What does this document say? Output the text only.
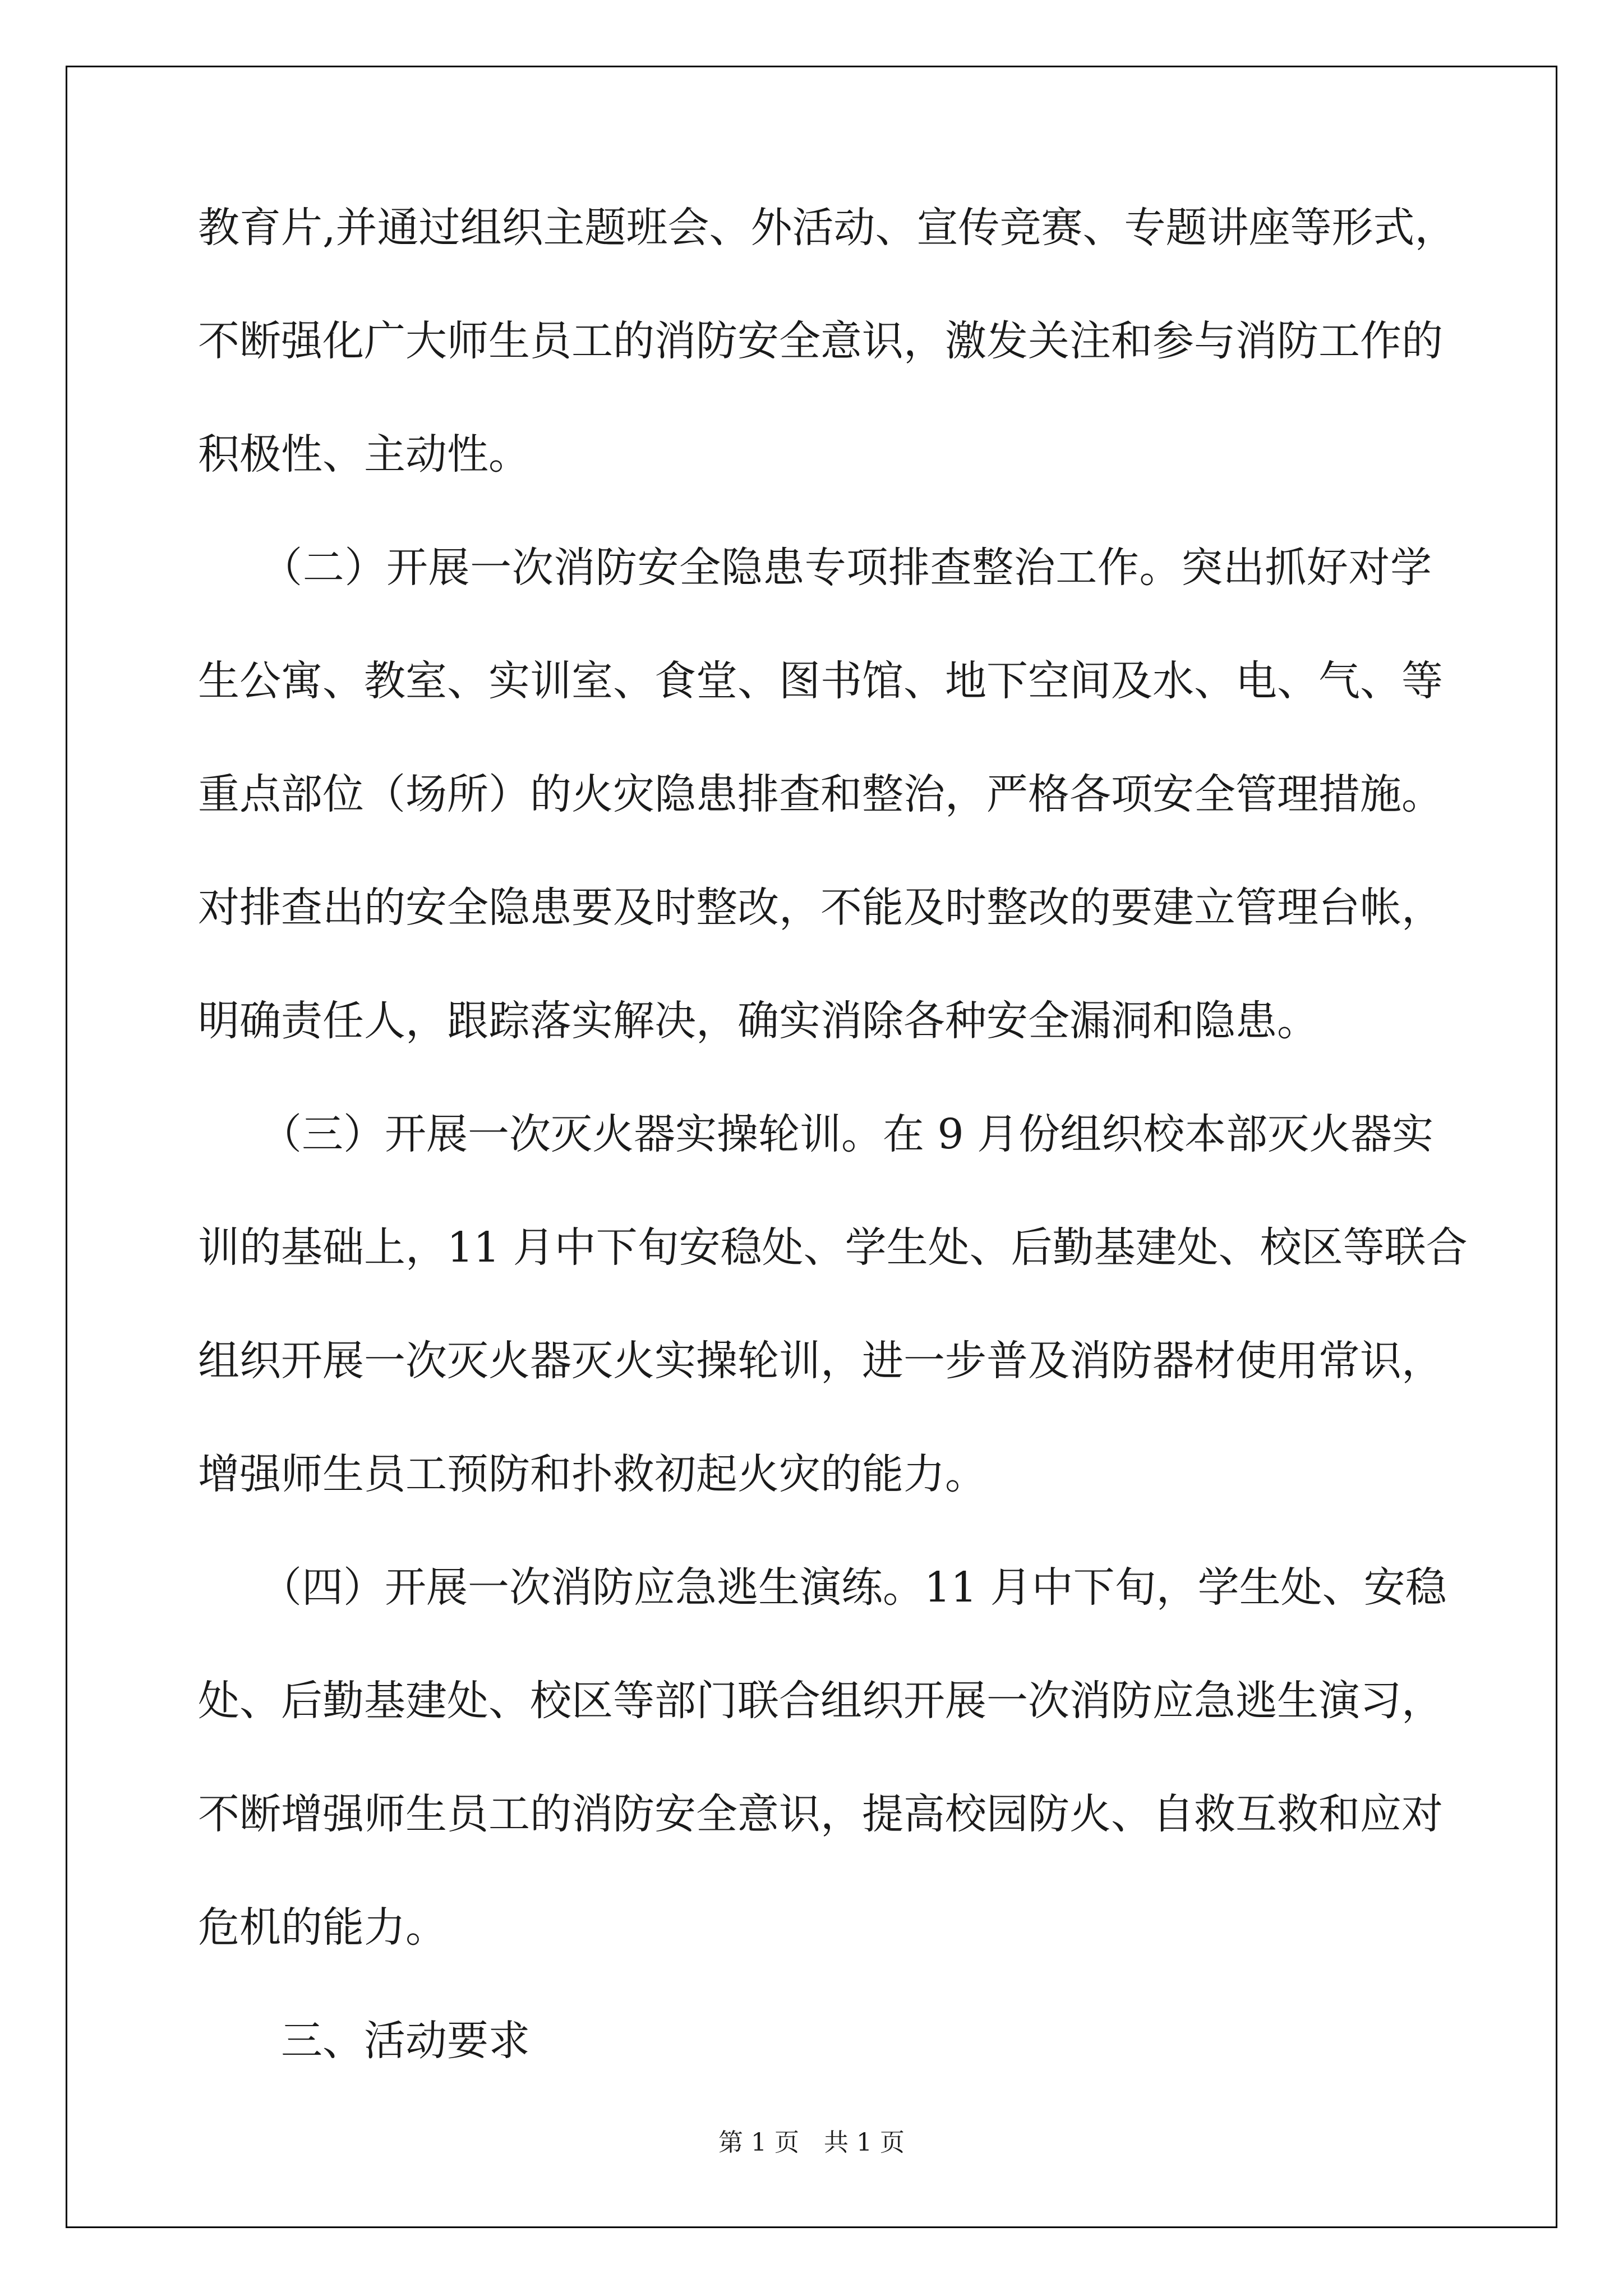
教育片,并通过组织主题班会、外活动、宣传竞赛、专题讲座等形式，
不断强化广大师生员工的消防安全意识，激发关注和参与消防工作的
积极性、主动性。
　　（二）开展一次消防安全隐患专项排查整治工作。突出抓好对学
生公寓、教室、实训室、食堂、图书馆、地下空间及水、电、气、等
重点部位（场所）的火灾隐患排查和整治，严格各项安全管理措施。
对排查出的安全隐患要及时整改，不能及时整改的要建立管理台帐，
明确责任人，跟踪落实解决，确实消除各种安全漏洞和隐患。
　　（三）开展一次灭火器实操轮训。在 9 月份组织校本部灭火器实
训的基础上，11 月中下旬安稳处、学生处、后勤基建处、校区等联合
组织开展一次灭火器灭火实操轮训，进一步普及消防器材使用常识，
增强师生员工预防和扑救初起火灾的能力。
　　（四）开展一次消防应急逃生演练。11 月中下旬，学生处、安稳
处、后勤基建处、校区等部门联合组织开展一次消防应急逃生演习，
不断增强师生员工的消防安全意识，提高校园防火、自救互救和应对
危机的能力。
　　三、活动要求
第 1 页　共 1 页
